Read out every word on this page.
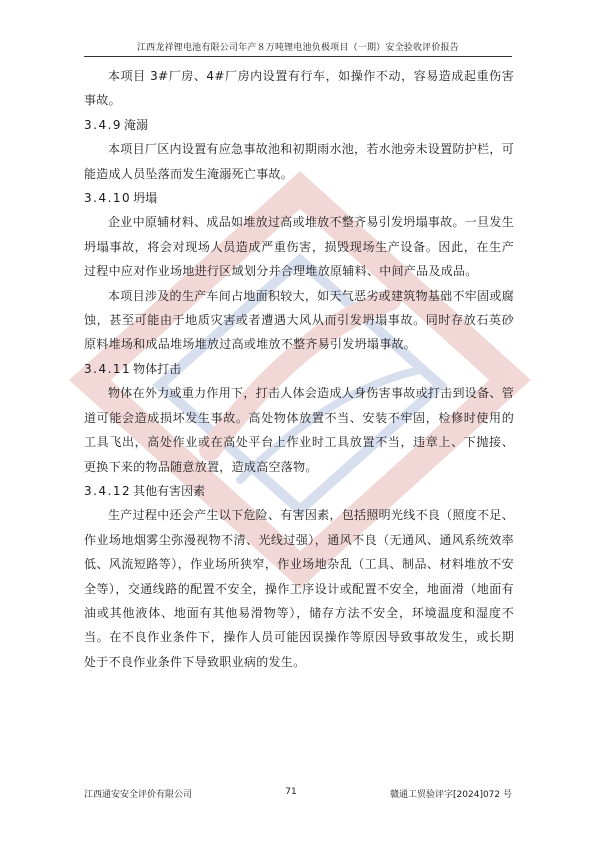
江西龙祥锂电池有限公司年产８万吨锂电池负极项目（一期）安全验收评价报告

本项目 3#厂房、4#厂房内设置有行车，如操作不动，容易造成起重伤害事故。

3.4.9 淹溺

本项目厂区内设置有应急事故池和初期雨水池，若水池旁未设置防护栏，可能造成人员坠落而发生淹溺死亡事故。

3.4.10 坍塌

企业中原辅材料、成品如堆放过高或堆放不整齐易引发坍塌事故。一旦发生坍塌事故，将会对现场人员造成严重伤害，损毁现场生产设备。因此，在生产过程中应对作业场地进行区域划分并合理堆放原辅料、中间产品及成品。

本项目涉及的生产车间占地面积较大，如天气恶劣或建筑物基础不牢固或腐蚀，甚至可能由于地质灾害或者遭遇大风从而引发坍塌事故。同时存放石英砂原料堆场和成品堆场堆放过高或堆放不整齐易引发坍塌事故。

3.4.11 物体打击

物体在外力或重力作用下，打击人体会造成人身伤害事故或打击到设备、管道可能会造成损坏发生事故。高处物体放置不当、安装不牢固，检修时使用的工具飞出，高处作业或在高处平台上作业时工具放置不当，违章上、下抛接、更换下来的物品随意放置，造成高空落物。

3.4.12 其他有害因素

生产过程中还会产生以下危险、有害因素，包括照明光线不良（照度不足、作业场地烟雾尘弥漫视物不清、光线过强），通风不良（无通风、通风系统效率低、风流短路等），作业场所狭窄，作业场地杂乱（工具、制品、材料堆放不安全等），交通线路的配置不安全，操作工序设计或配置不安全，地面滑（地面有油或其他液体、地面有其他易滑物等），储存方法不安全，环境温度和湿度不当。在不良作业条件下，操作人员可能因误操作等原因导致事故发生，或长期处于不良作业条件下导致职业病的发生。

江西通安安全评价有限公司	71	赣通工贸验评字[2024]072 号
